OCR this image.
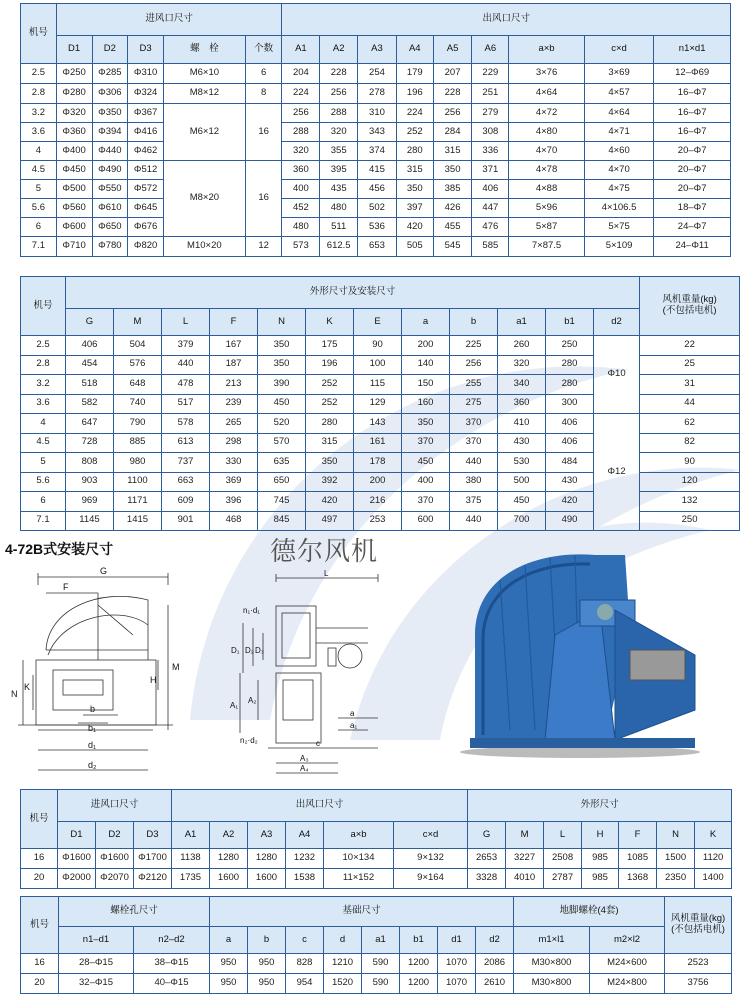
机号	进风口尺寸					出风口尺寸								
	D1	D2	D3	螺　栓	个数	A1	A2	A3	A4	A5	A6	a×b	c×d	n1×d1
2.5	Φ250	Φ285	Φ310	M6×10	6	204	228	254	179	207	229	3×76	3×69	12–Φ69
2.8	Φ280	Φ306	Φ324	M8×12	8	224	256	278	196	228	251	4×64	4×57	16–Φ7
3.2	Φ320	Φ350	Φ367	M6×12	16	256	288	310	224	256	279	4×72	4×64	16–Φ7
3.6	Φ360	Φ394	Φ416			288	320	343	252	284	308	4×80	4×71	16–Φ7
4	Φ400	Φ440	Φ462			320	355	374	280	315	336	4×70	4×60	20–Φ7
4.5	Φ450	Φ490	Φ512	M8×20	16	360	395	415	315	350	371	4×78	4×70	20–Φ7
5	Φ500	Φ550	Φ572			400	435	456	350	385	406	4×88	4×75	20–Φ7
5.6	Φ560	Φ610	Φ645			452	480	502	397	426	447	5×96	4×106.5	18–Φ7
6	Φ600	Φ650	Φ676			480	511	536	420	455	476	5×87	5×75	24–Φ7
7.1	Φ710	Φ780	Φ820	M10×20	12	573	612.5	653	505	545	585	7×87.5	5×109	24–Φ11
机号	外形尺寸及安装尺寸												风机重量(kg)
(不包括电机)
	G	M	L	F	N	K	E	a	b	a1	b1	d2	
2.5	406	504	379	167	350	175	90	200	225	260	250	Φ10	22
2.8	454	576	440	187	350	196	100	140	256	320	280		25
3.2	518	648	478	213	390	252	115	150	255	340	280		31
3.6	582	740	517	239	450	252	129	160	275	360	300		44
4	647	790	578	265	520	280	143	350	370	410	406	Φ12	62
4.5	728	885	613	298	570	315	161	370	370	430	406		82
5	808	980	737	330	635	350	178	450	440	530	484		90
5.6	903	1100	663	369	650	392	200	400	380	500	430		120
6	969	1171	609	396	745	420	216	370	375	450	420		132
7.1	1145	1415	901	468	845	497	253	600	440	700	490		250
4-72B式安装尺寸	德尔风机
G
F
M
N
K
H
b
b₁
d₁
d₂
L
n₁·d₁
D₁ D₂ D₃
A₁
A₂
n₂·d₂
a
a₁
c
A₃
A₄
机号	进风口尺寸			出风口尺寸						外形尺寸						
	D1	D2	D3	A1	A2	A3	A4	a×b	c×d	G	M	L	H	F	N	K
16	Φ1600	Φ1600	Φ1700	1138	1280	1280	1232	10×134	9×132	2653	3227	2508	985	1085	1500	1120
20	Φ2000	Φ2070	Φ2120	1735	1600	1600	1538	11×152	9×164	3328	4010	2787	985	1368	2350	1400
机号	螺栓孔尺寸		基础尺寸								地脚螺栓(4套)		风机重量(kg)
(不包括电机)
	n1–d1	n2–d2	a	b	c	d	a1	b1	d1	d2	m1×l1	m2×l2	
16	28–Φ15	38–Φ15	950	950	828	1210	590	1200	1070	2086	M30×800	M24×600	2523
20	32–Φ15	40–Φ15	950	950	954	1520	590	1200	1070	2610	M30×800	M24×800	3756
